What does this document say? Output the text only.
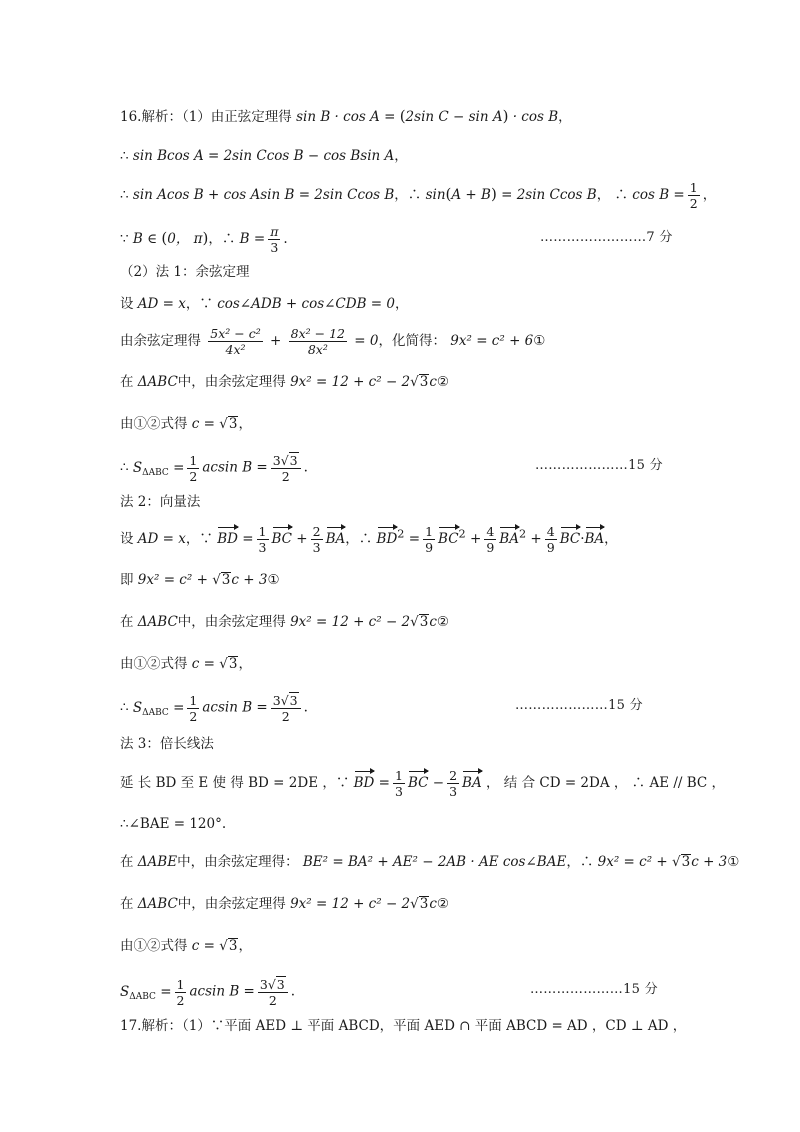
16.解析：（1）由正弦定理得 sin B · cos A = (2sin C − sin A) · cos B，
∴ sin Bcos A = 2sin Ccos B − cos Bsin A，
∴ sin Acos B + cos Asin B = 2sin Ccos B，∴ sin(A + B) = 2sin Ccos B， ∴ $\cos B = \frac{1}{2}$ ，
∵ B ∈ (0， π)，∴ $B = \frac{\pi}{3}$ .	……………………7 分
（2）法 1：余弦定理
设 AD = x，∵ cos∠ADB + cos∠CDB = 0，
由余弦定理得 $\frac{\text{5x² − c²}}{\text{4x²}} + \frac{\text{8x² − 12}}{\text{8x²}} = 0$，化简得： 9x² = c² + 6①
在 ΔABC中，由余弦定理得 9x² = 12 + c² − 2√3c②
由①②式得 c = √3，
∴ $S_{\Delta ABC} = \frac{1}{2}$ acsin $B = \frac{3√3}{2}$ .	…………………15 分
法 2：向量法
设 AD = x，∵ BD = $\frac{1}{3}$ BC + $\frac{2}{3}$ BA，∴ $BD^2 = \frac{1}{9} BC^2 + \frac{4}{9} BA^2 + \frac{4}{9} BC\cdot BA$，
即 9x² = c² + √3c + 3①
在 ΔABC中，由余弦定理得 9x² = 12 + c² − 2√3c②
由①②式得 c = √3，
∴ $S_{\Delta ABC} = \frac{1}{2}$ acsin $B = \frac{3√3}{2}$ .	…………………15 分
法 3：倍长线法
延 长 BD 至 E 使 得 BD = 2DE ，∵ BD = $\frac{1}{3}$ BC − $\frac{2}{3}$ BA ， 结 合 CD = 2DA ， ∴ AE // BC ，
∴∠BAE = 120°.
在 ΔABE中，由余弦定理得： BE² = BA² + AE² − 2AB · AE cos∠BAE，∴ 9x² = c² + √3c + 3①
在 ΔABC中，由余弦定理得 9x² = 12 + c² − 2√3c②
由①②式得 c = √3，
$S_{\Delta ABC} = \frac{1}{2}$ acsin $B = \frac{3√3}{2}$ .	…………………15 分
17.解析：（1）∵平面 AED ⊥ 平面 ABCD，平面 AED ∩ 平面 ABCD = AD ，CD ⊥ AD ，
